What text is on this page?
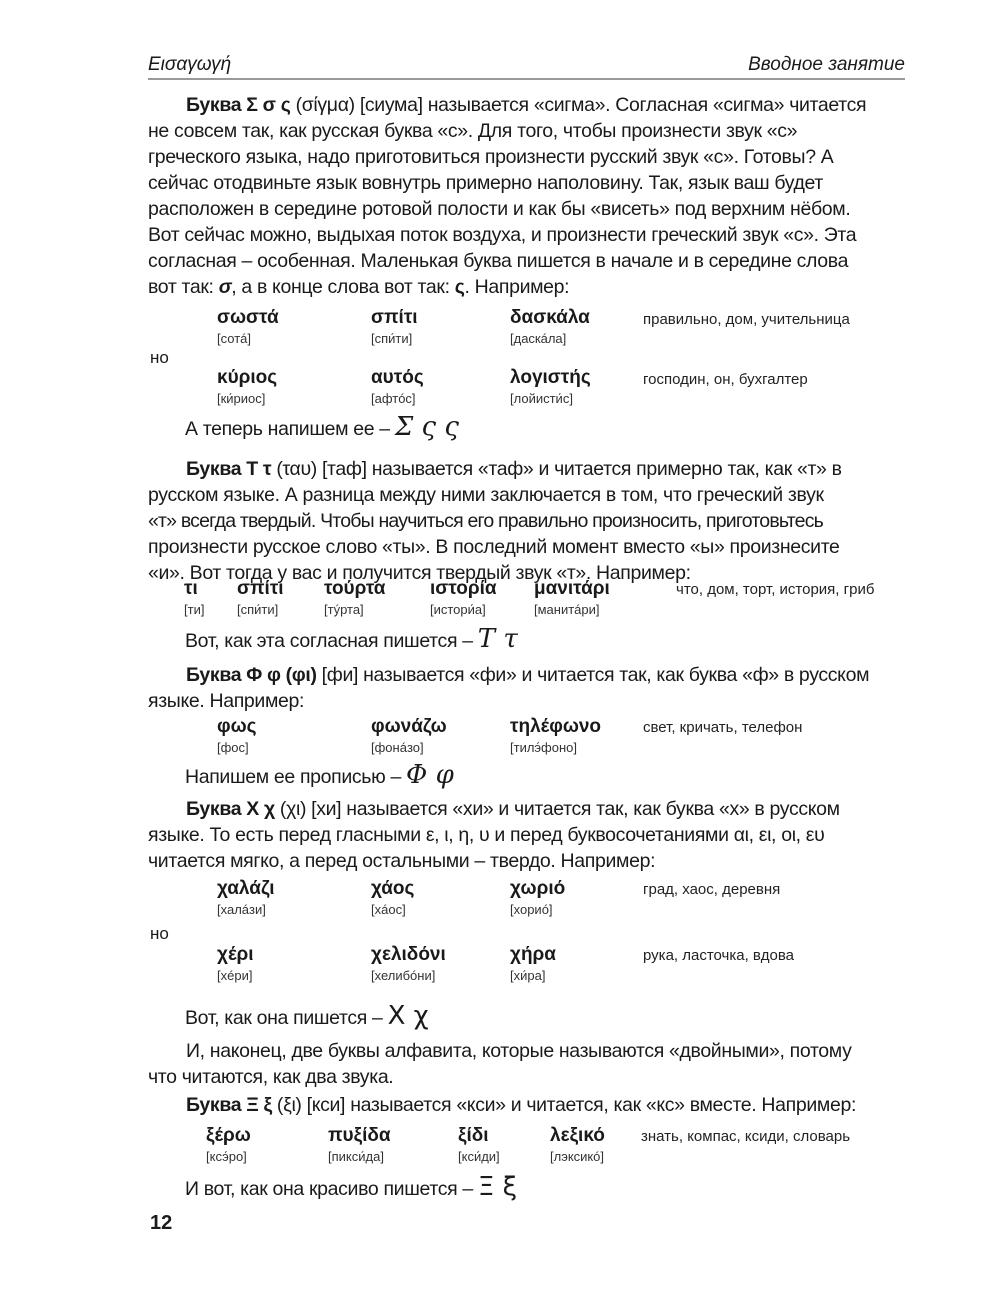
Εισαγωγή	Вводное занятие

Буква Σ σ ς (σίγμα) [сиума] называется «сигма». Согласная «сигма» читается

не совсем так, как русская буква «с». Для того, чтобы произнести звук «с»

греческого языка, надо приготовиться произнести русский звук «с». Готовы? А

сейчас отодвиньте язык вовнутрь примерно наполовину. Так, язык ваш будет

расположен в середине ротовой полости и как бы «висеть» под верхним нёбом.

Вот сейчас можно, выдыхая поток воздуха, и произнести греческий звук «с». Эта

согласная – особенная. Маленькая буква пишется в начале и в середине слова

вот так: σ, а в конце слова вот так: ς. Например:

σωστά
[сотá]
σπίτι
[спи́ти]
δασκάλα
[даскáла]
правильно, дом, учительница
но
κύριος
[ки́риос]
αυτός
[афтóс]
λογιστής
[лойисти́с]
господин, он, бухгалтер
А теперь напишем ее – Σ ς ς

Буква Τ τ (ταυ) [таф] называется «таф» и читается примерно так, как «т» в

русском языке. А разница между ними заключается в том, что греческий звук

«т» всегда твердый. Чтобы научиться его правильно произносить, приготовьтесь

произнести русское слово «ты». В последний момент вместо «ы» произнесите

«и». Вот тогда у вас и получится твердый звук «т». Например:

τι
[ти]
σπίτι
[спи́ти]
τούρτα
[тýрта]
ιστορία
[истори́а]
μανιτάρι
[манитáри]
что, дом, торт, история, гриб
Вот, как эта согласная пишется – Τ τ

Буква Φ φ (φι) [фи] называется «фи» и читается так, как буква «ф» в русском

языке. Например:

φως
[фос]
φωνάζω
[фонáзо]
τηλέφωνο
[тилэ́фоно]
свет, кричать, телефон
Напишем ее прописью – Φ φ

Буква Χ χ (χι) [хи] называется «хи» и читается так, как буква «х» в русском

языке. То есть перед гласными ε, ι, η, υ и перед буквосочетаниями αι, ει, οι, ευ

читается мягко, а перед остальными – твердо. Например:

χαλάζι
[халáзи]
χάος
[хáос]
χωριό
[хориó]
град, хаос, деревня
но
χέρι
[хéри]
χελιδόνι
[хелибóни]
χήρα
[хи́ра]
рука, ласточка, вдова
Вот, как она пишется – Χ χ

И, наконец, две буквы алфавита, которые называются «двойными», потому

что читаются, как два звука.

Буква Ξ ξ (ξι) [кси] называется «кси» и читается, как «кс» вместе. Например:

ξέρω
[ксэ́ро]
πυξίδα
[пикси́да]
ξίδι
[кси́ди]
λεξικό
[лэксикó]
знать, компас, ксиди, словарь
И вот, как она красиво пишется – Ξ ξ
12
